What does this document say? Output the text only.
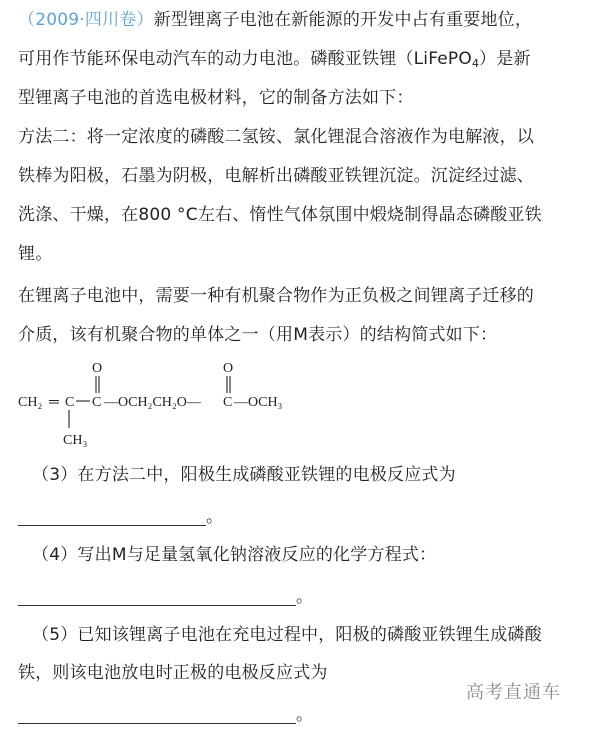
（2009·四川卷）新型锂离子电池在新能源的开发中占有重要地位，
可用作节能环保电动汽车的动力电池。磷酸亚铁锂（LiFePO$_4$）是新
型锂离子电池的首选电极材料，它的制备方法如下：
方法二：将一定浓度的磷酸二氢铵、氯化锂混合溶液作为电解液，以
铁棒为阳极，石墨为阴极，电解析出磷酸亚铁锂沉淀。沉淀经过滤、
洗涤、干燥，在800 °C左右、惰性气体氛围中煅烧制得晶态磷酸亚铁
锂。
在锂离子电池中，需要一种有机聚合物作为正负极之间锂离子迁移的
介质，该有机聚合物的单体之一（用M表示）的结构简式如下：
CH₂ ═ C C
O
—OCH₂CH₂O— C
O
—OCH₃
CH₃
（3）在方法二中，阳极生成磷酸亚铁锂的电极反应式为
。
（4）写出M与足量氢氧化钠溶液反应的化学方程式：
。
（5）已知该锂离子电池在充电过程中，阳极的磷酸亚铁锂生成磷酸
铁，则该电池放电时正极的电极反应式为
。
高考直通车
